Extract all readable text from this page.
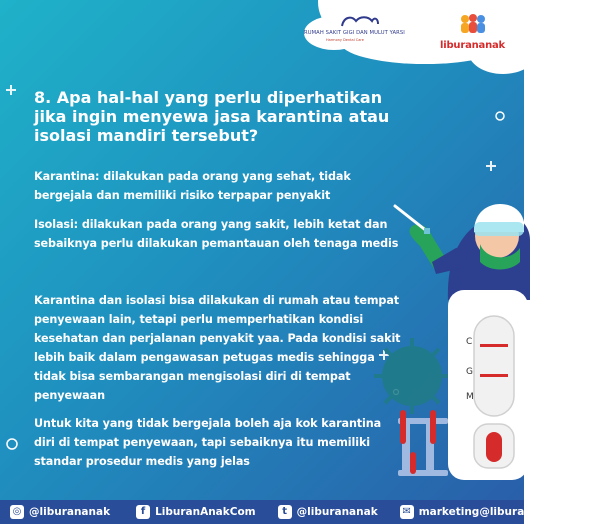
RUMAH SAKIT GIGI DAN MULUT YARSI
Harmony Dental Care	liburananak
C
G
M
8. Apa hal-hal yang perlu diperhatikan jika ingin menyewa jasa karantina atau isolasi mandiri tersebut?

Karantina: dilakukan pada orang yang sehat, tidak bergejala dan memiliki risiko terpapar penyakit

Isolasi: dilakukan pada orang yang sakit, lebih ketat dan sebaiknya perlu dilakukan pemantauan oleh tenaga medis

Karantina dan isolasi bisa dilakukan di rumah atau tempat penyewaan lain, tetapi perlu memperhatikan kondisi kesehatan dan perjalanan penyakit yaa. Pada kondisi sakit lebih baik dalam pengawasan petugas medis sehingga tidak bisa sembarangan mengisolasi diri di tempat penyewaan

Untuk kita yang tidak bergejala boleh aja kok karantina diri di tempat penyewaan, tapi sebaiknya itu memiliki standar prosedur medis yang jelas

◎ @liburananak	f LiburanAnakCom	t @liburananak ✉ marketing@liburananak.com
